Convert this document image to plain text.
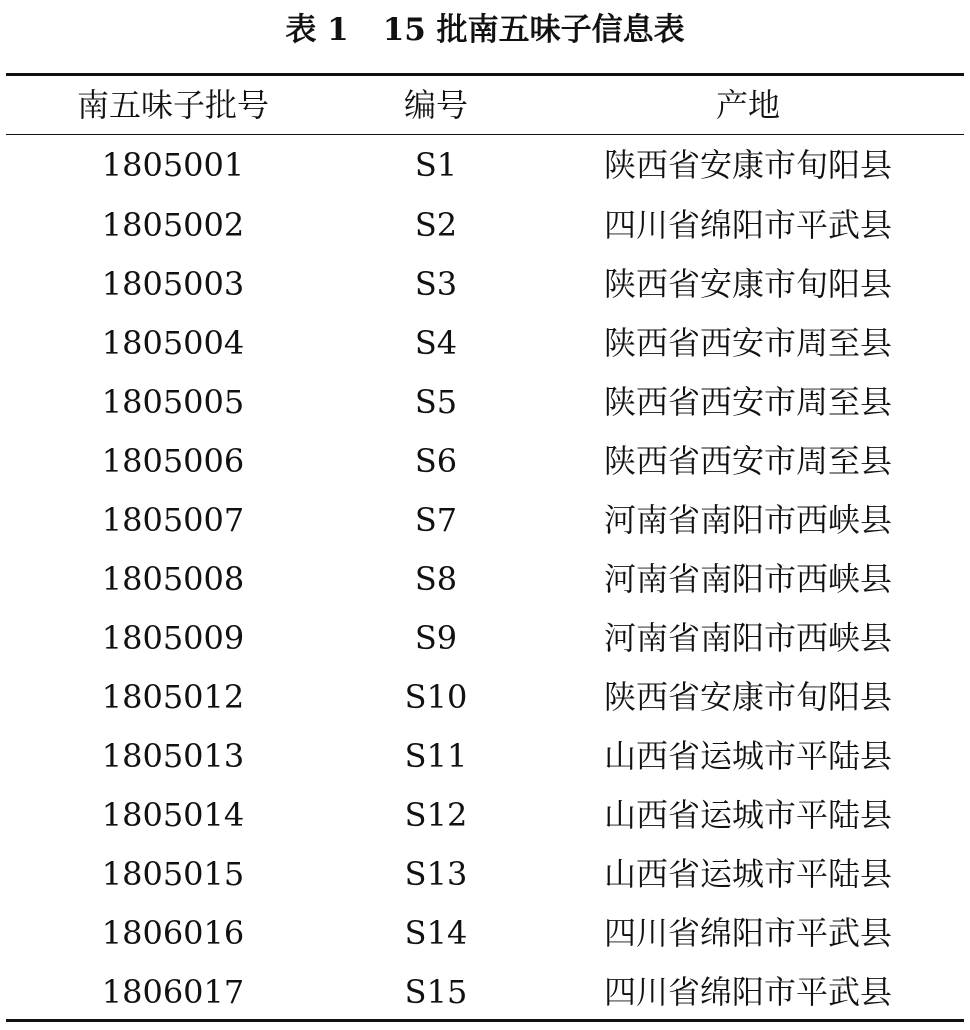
表 1 15 批南五味子信息表
南五味子批号	编号	产地
1805001	S1	陕西省安康市旬阳县
1805002	S2	四川省绵阳市平武县
1805003	S3	陕西省安康市旬阳县
1805004	S4	陕西省西安市周至县
1805005	S5	陕西省西安市周至县
1805006	S6	陕西省西安市周至县
1805007	S7	河南省南阳市西峡县
1805008	S8	河南省南阳市西峡县
1805009	S9	河南省南阳市西峡县
1805012	S10	陕西省安康市旬阳县
1805013	S11	山西省运城市平陆县
1805014	S12	山西省运城市平陆县
1805015	S13	山西省运城市平陆县
1806016	S14	四川省绵阳市平武县
1806017	S15	四川省绵阳市平武县
